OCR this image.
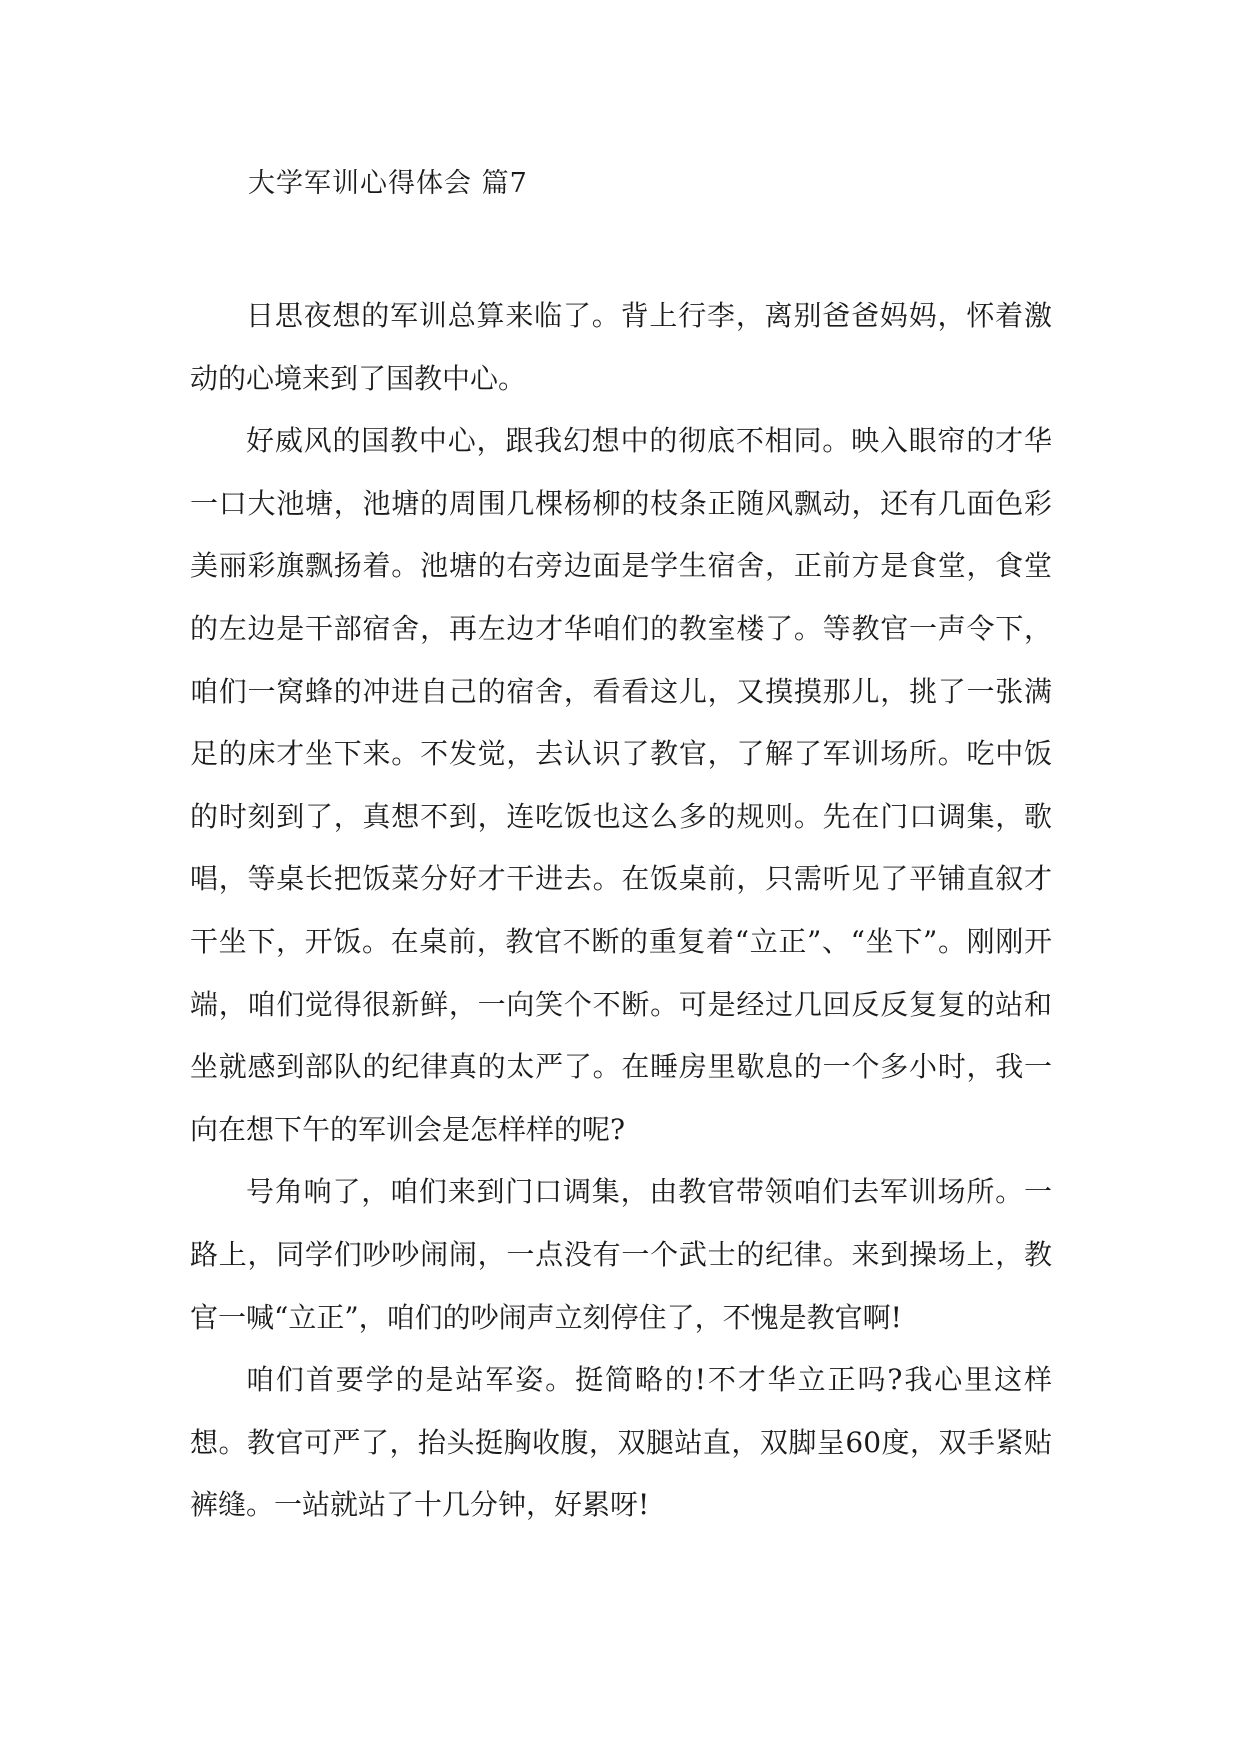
大学军训心得体会 篇7

日思夜想的军训总算来临了。背上行李，离别爸爸妈妈，怀着激动的心境来到了国教中心。

好威风的国教中心，跟我幻想中的彻底不相同。映入眼帘的才华一口大池塘，池塘的周围几棵杨柳的枝条正随风飘动，还有几面色彩美丽彩旗飘扬着。池塘的右旁边面是学生宿舍，正前方是食堂，食堂的左边是干部宿舍，再左边才华咱们的教室楼了。等教官一声令下，咱们一窝蜂的冲进自己的宿舍，看看这儿，又摸摸那儿，挑了一张满足的床才坐下来。不发觉，去认识了教官，了解了军训场所。吃中饭的时刻到了，真想不到，连吃饭也这么多的规则。先在门口调集，歌唱，等桌长把饭菜分好才干进去。在饭桌前，只需听见了平铺直叙才干坐下，开饭。在桌前，教官不断的重复着“立正”、“坐下”。刚刚开端，咱们觉得很新鲜，一向笑个不断。可是经过几回反反复复的站和坐就感到部队的纪律真的太严了。在睡房里歇息的一个多小时，我一向在想下午的军训会是怎样样的呢?

号角响了，咱们来到门口调集，由教官带领咱们去军训场所。一路上，同学们吵吵闹闹，一点没有一个武士的纪律。来到操场上，教官一喊“立正”，咱们的吵闹声立刻停住了，不愧是教官啊!

咱们首要学的是站军姿。挺简略的!不才华立正吗?我心里这样想。教官可严了，抬头挺胸收腹，双腿站直，双脚呈60度，双手紧贴裤缝。一站就站了十几分钟，好累呀!
